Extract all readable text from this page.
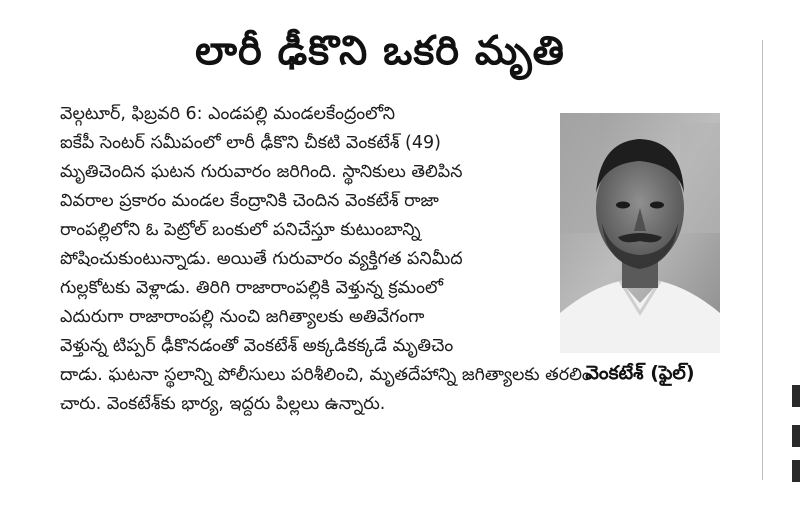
లారీ ఢీకొని ఒకరి మృతి
వెల్గటూర్, ఫిబ్రవరి 6: ఎండపల్లి మండలకేంద్రంలోని
ఐకేపీ సెంటర్ సమీపంలో లారీ ఢీకొని చీకటి వెంకటేశ్ (49)
మృతిచెందిన ఘటన గురువారం జరిగింది. స్థానికులు తెలిపిన
వివరాల ప్రకారం మండల కేంద్రానికి చెందిన వెంకటేశ్ రాజా
రాంపల్లిలోని ఓ పెట్రోల్ బంకులో పనిచేస్తూ కుటుంబాన్ని
పోషించుకుంటున్నాడు. అయితే గురువారం వ్యక్తిగత పనిమీద
గుల్లకోటకు వెళ్లాడు. తిరిగి రాజారాంపల్లికి వెళ్తున్న క్రమంలో
ఎదురుగా రాజారాంపల్లి నుంచి జగిత్యాలకు అతివేగంగా
వెళ్తున్న టిప్పర్ ఢీకొనడంతో వెంకటేశ్ అక్కడికక్కడే మృతిచెం
దాడు. ఘటనా స్థలాన్ని పోలీసులు పరిశీలించి, మృతదేహాన్ని జగిత్యాలకు తరలిం
చారు. వెంకటేశ్‌కు భార్య, ఇద్దరు పిల్లలు ఉన్నారు.
వెంకటేశ్ (ఫైల్)
